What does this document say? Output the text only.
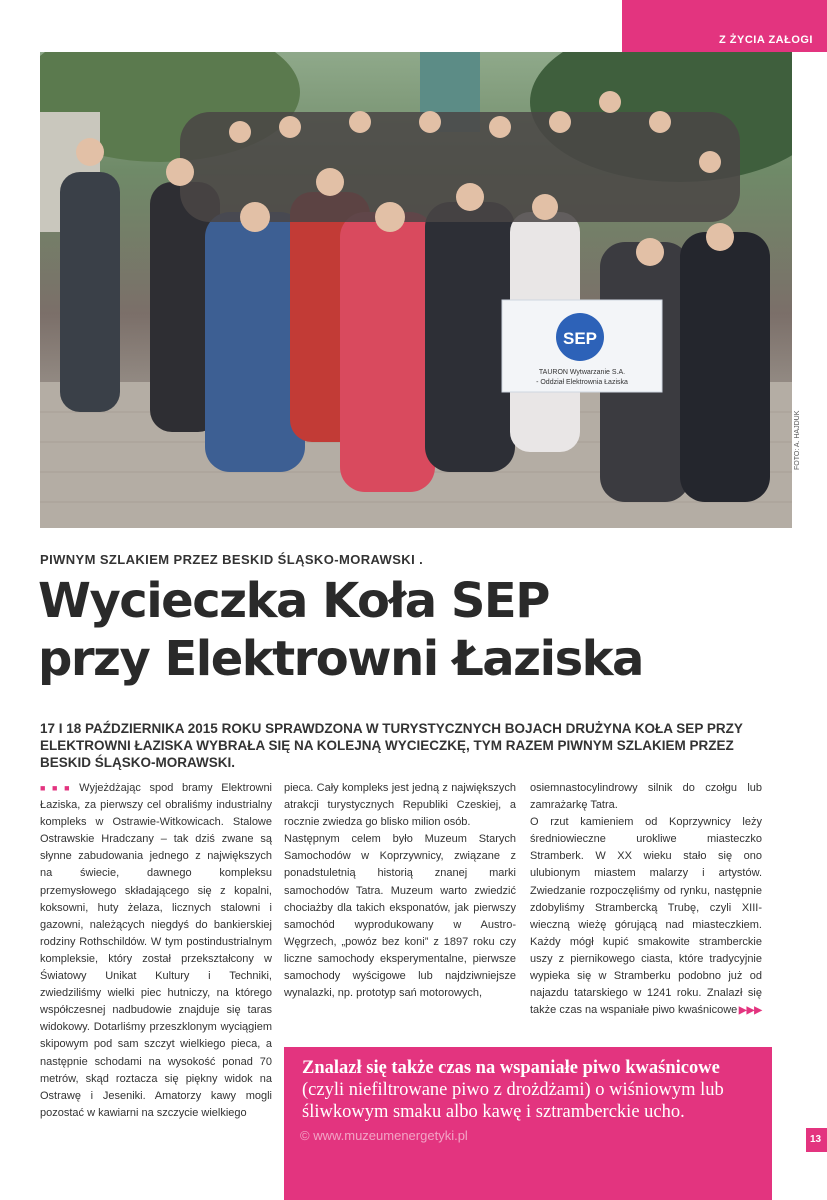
Z ŻYCIA ZAŁOGI
SEP
TAURON Wytwarzanie S.A.
- Oddział Elektrownia Łaziska
FOTO: A. HAJDUK
PIWNYM SZLAKIEM PRZEZ BESKID ŚLĄSKO-MORAWSKI .
Wycieczka Koła SEP
przy Elektrowni Łaziska

17 I 18 PAŹDZIERNIKA 2015 ROKU SPRAWDZONA W TURYSTYCZNYCH BOJACH DRUŻYNA KOŁA SEP PRZY ELEKTROWNI ŁAZISKA WYBRAŁA SIĘ NA KOLEJNĄ WYCIECZKĘ, TYM RAZEM PIWNYM SZLAKIEM PRZEZ BESKID ŚLĄSKO-MORAWSKI.

■■■ Wyjeżdżając spod bramy Elektrowni Łaziska, za pierwszy cel obraliśmy industrialny kompleks w Ostrawie-Witkowicach. Stalowe Ostrawskie Hradczany – tak dziś zwane są słynne zabudowania jednego z największych na świecie, dawnego kompleksu przemysłowego składającego się z kopalni, koksowni, huty żelaza, licznych stalowni i gazowni, należących niegdyś do bankierskiej rodziny Rothschildów. W tym postindustrialnym kompleksie, który został przekształcony w Światowy Unikat Kultury i Techniki, zwiedziliśmy wielki piec hutniczy, na którego współczesnej nadbudowie znajduje się taras widokowy. Dotarliśmy przeszklonym wyciągiem skipowym pod sam szczyt wielkiego pieca, a następnie schodami na wysokość ponad 70 metrów, skąd roztacza się piękny widok na Ostrawę i Jeseniki. Amatorzy kawy mogli pozostać w kawiarni na szczycie wielkiego

pieca. Cały kompleks jest jedną z największych atrakcji turystycznych Republiki Czeskiej, a rocznie zwiedza go blisko milion osób.

Następnym celem było Muzeum Starych Samochodów w Koprzywnicy, związane z ponadstuletnią historią znanej marki samochodów Tatra. Muzeum warto zwiedzić chociażby dla takich eksponatów, jak pierwszy samochód wyprodukowany w Austro-Węgrzech, „powóz bez koni” z 1897 roku czy liczne samochody eksperymentalne, pierwsze samochody wyścigowe lub najdziwniejsze wynalazki, np. prototyp sań motorowych,

osiemnastocylindrowy silnik do czołgu lub zamrażarkę Tatra.

O rzut kamieniem od Koprzywnicy leży średniowieczne urokliwe miasteczko Stramberk. W XX wieku stało się ono ulubionym miastem malarzy i artystów. Zwiedzanie rozpoczęliśmy od rynku, następnie zdobyliśmy Strambercką Trubę, czyli XIII-wieczną wieżę górującą nad miasteczkiem. Każdy mógł kupić smakowite stramberckie uszy z piernikowego ciasta, które tradycyjnie wypieka się w Stramberku podobno już od najazdu tatarskiego w 1241 roku. Znalazł się także czas na wspaniałe piwo kwaśnicowe ▶▶▶

Znalazł się także czas na wspaniałe piwo kwaśnicowe (czyli niefiltrowane piwo z drożdżami) o wiśniowym lub śliwkowym smaku albo kawę i sztramberckie ucho.
© www.muzeumenergetyki.pl	13
